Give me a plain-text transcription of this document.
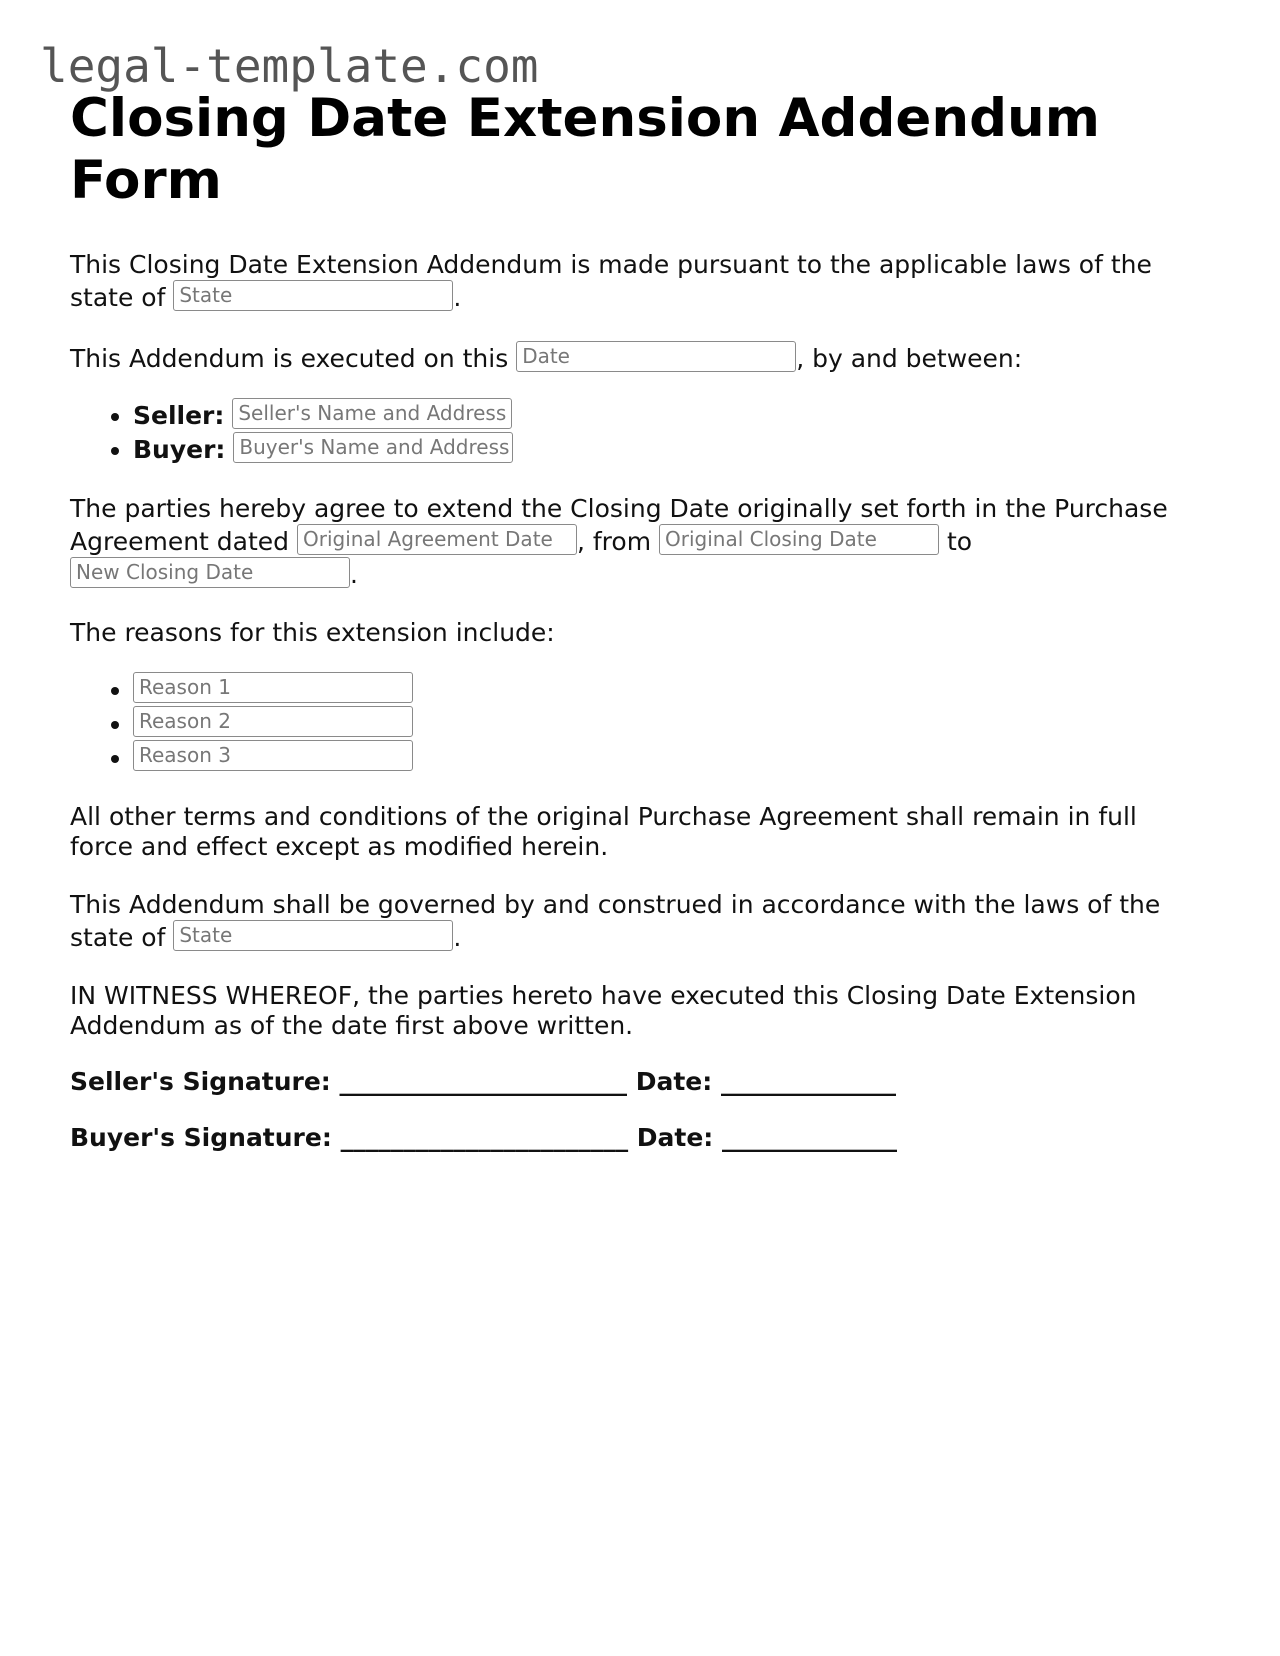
legal-template.com
Closing Date Extension Addendum Form

This Closing Date Extension Addendum is made pursuant to the applicable laws of the state of State	.

This Addendum is executed on this Date	, by and between:

• Seller: Seller's Name and Address
• Buyer: Buyer's Name and Address

The parties hereby agree to extend the Closing Date originally set forth in the Purchase Agreement dated Original Agreement Date , from Original Closing Date	to New Closing Date	.

The reasons for this extension include:

• Reason 1
• Reason 2
• Reason 3

All other terms and conditions of the original Purchase Agreement shall remain in full force and effect except as modified herein.

This Addendum shall be governed by and construed in accordance with the laws of the state of State	.

IN WITNESS WHEREOF, the parties hereto have executed this Closing Date Extension Addendum as of the date first above written.

Seller's Signature: _______________________ Date: ______________

Buyer's Signature: _______________________ Date: ______________
